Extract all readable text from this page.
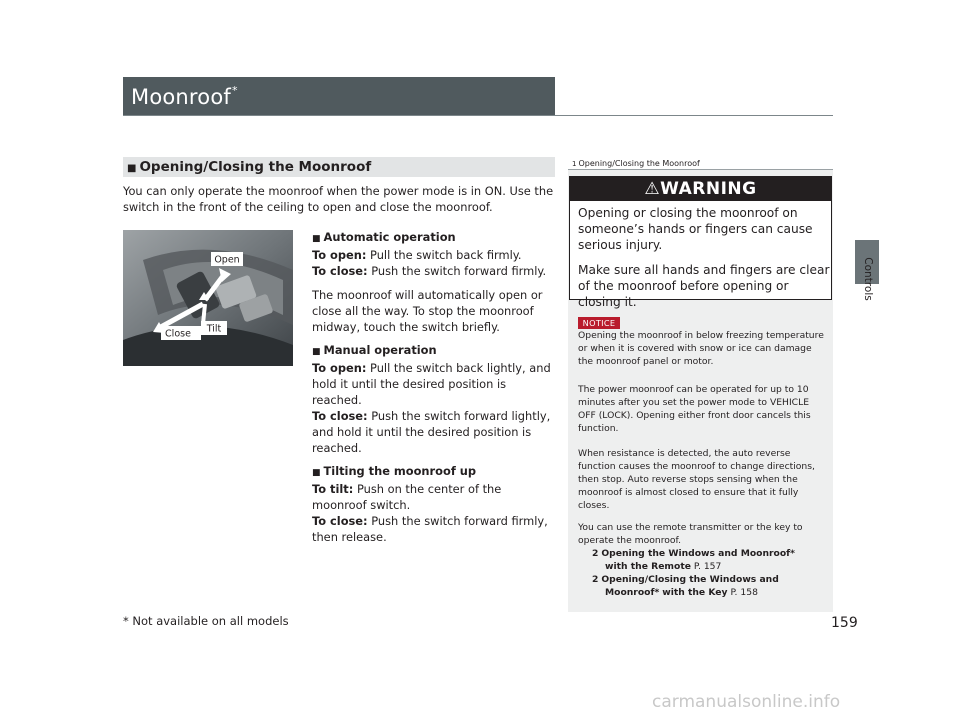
Moonroof*
Controls
■ Opening/Closing the Moonroof
You can only operate the moonroof when the power mode is in ON. Use the switch in the front of the ceiling to open and close the moonroof.
Open
Close Tilt
■ Automatic operation
To open: Pull the switch back firmly.
To close: Push the switch forward firmly.
The moonroof will automatically open or close all the way. To stop the moonroof midway, touch the switch briefly.
■ Manual operation
To open: Pull the switch back lightly, and hold it until the desired position is reached.
To close: Push the switch forward lightly, and hold it until the desired position is reached.
■ Tilting the moonroof up
To tilt: Push on the center of the moonroof switch.
To close: Push the switch forward firmly, then release.
1 Opening/Closing the Moonroof
⚠WARNING
Opening or closing the moonroof on someone’s hands or fingers can cause serious injury.
Make sure all hands and fingers are clear of the moonroof before opening or closing it.
NOTICE
Opening the moonroof in below freezing temperature or when it is covered with snow or ice can damage the moonroof panel or motor.
The power moonroof can be operated for up to 10 minutes after you set the power mode to VEHICLE OFF (LOCK). Opening either front door cancels this function.
When resistance is detected, the auto reverse function causes the moonroof to change directions, then stop. Auto reverse stops sensing when the moonroof is almost closed to ensure that it fully closes.
You can use the remote transmitter or the key to operate the moonroof.
2 Opening the Windows and Moonroof*
with the Remote P. 157
2 Opening/Closing the Windows and
Moonroof* with the Key P. 158
159
* Not available on all models
carmanualsonline.info
